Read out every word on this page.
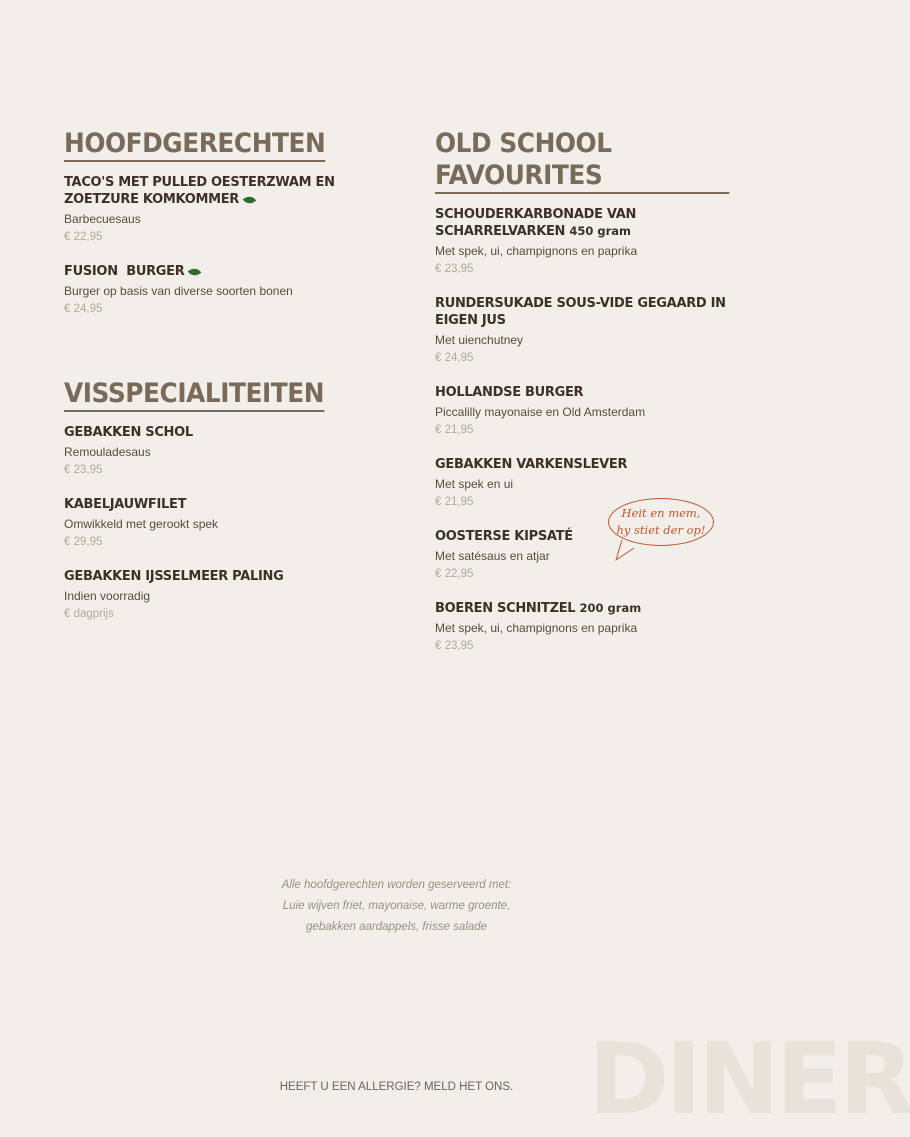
DINER
HOOFDGERECHTEN
TACO'S MET PULLED OESTERZWAM EN ZOETZURE KOMKOMMER
Barbecuesaus
€ 22,95
FUSION  BURGER
Burger op basis van diverse soorten bonen
€ 24,95
VISSPECIALITEITEN
GEBAKKEN SCHOL
Remouladesaus
€ 23,95
KABELJAUWFILET
Omwikkeld met gerookt spek
€ 29,95
GEBAKKEN IJSSELMEER PALING
Indien voorradig
€ dagprijs
OLD SCHOOL FAVOURITES
SCHOUDERKARBONADE VAN SCHARRELVARKEN 450 gram
Met spek, ui, champignons en paprika
€ 23,95
RUNDERSUKADE SOUS-VIDE GEGAARD IN EIGEN JUS
Met uienchutney
€ 24,95
HOLLANDSE BURGER
Piccalilly mayonaise en Old Amsterdam
€ 21,95
GEBAKKEN VARKENSLEVER
Met spek en ui
€ 21,95
OOSTERSE KIPSATÉ
Met satésaus en atjar
€ 22,95
BOEREN SCHNITZEL 200 gram
Met spek, ui, champignons en paprika
€ 23,95
Heit en mem,
hy stiet der op!
Alle hoofdgerechten worden geserveerd met:
Luie wijven friet, mayonaise, warme groente,
gebakken aardappels, frisse salade
HEEFT U EEN ALLERGIE? MELD HET ONS.
